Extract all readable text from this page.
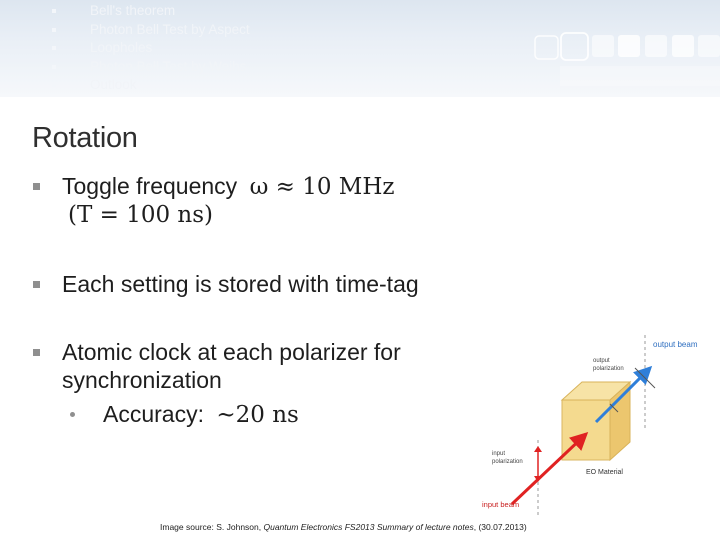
Bell's theorem
Photon Bell Test by Aspect
Loopholes
Photon Bell Test by Weihs
Outlook
Rotation
Toggle frequency ω ≈ 10 MHz
(T = 100 ns)
Each setting is stored with time-tag
Atomic clock at each polarizer for
synchronization
Accuracy: ~20 ns
output beam
output
polarization
input
polarization
EO Material
input beam
Image source: S. Johnson, Quantum Electronics FS2013 Summary of lecture notes, (30.07.2013)
